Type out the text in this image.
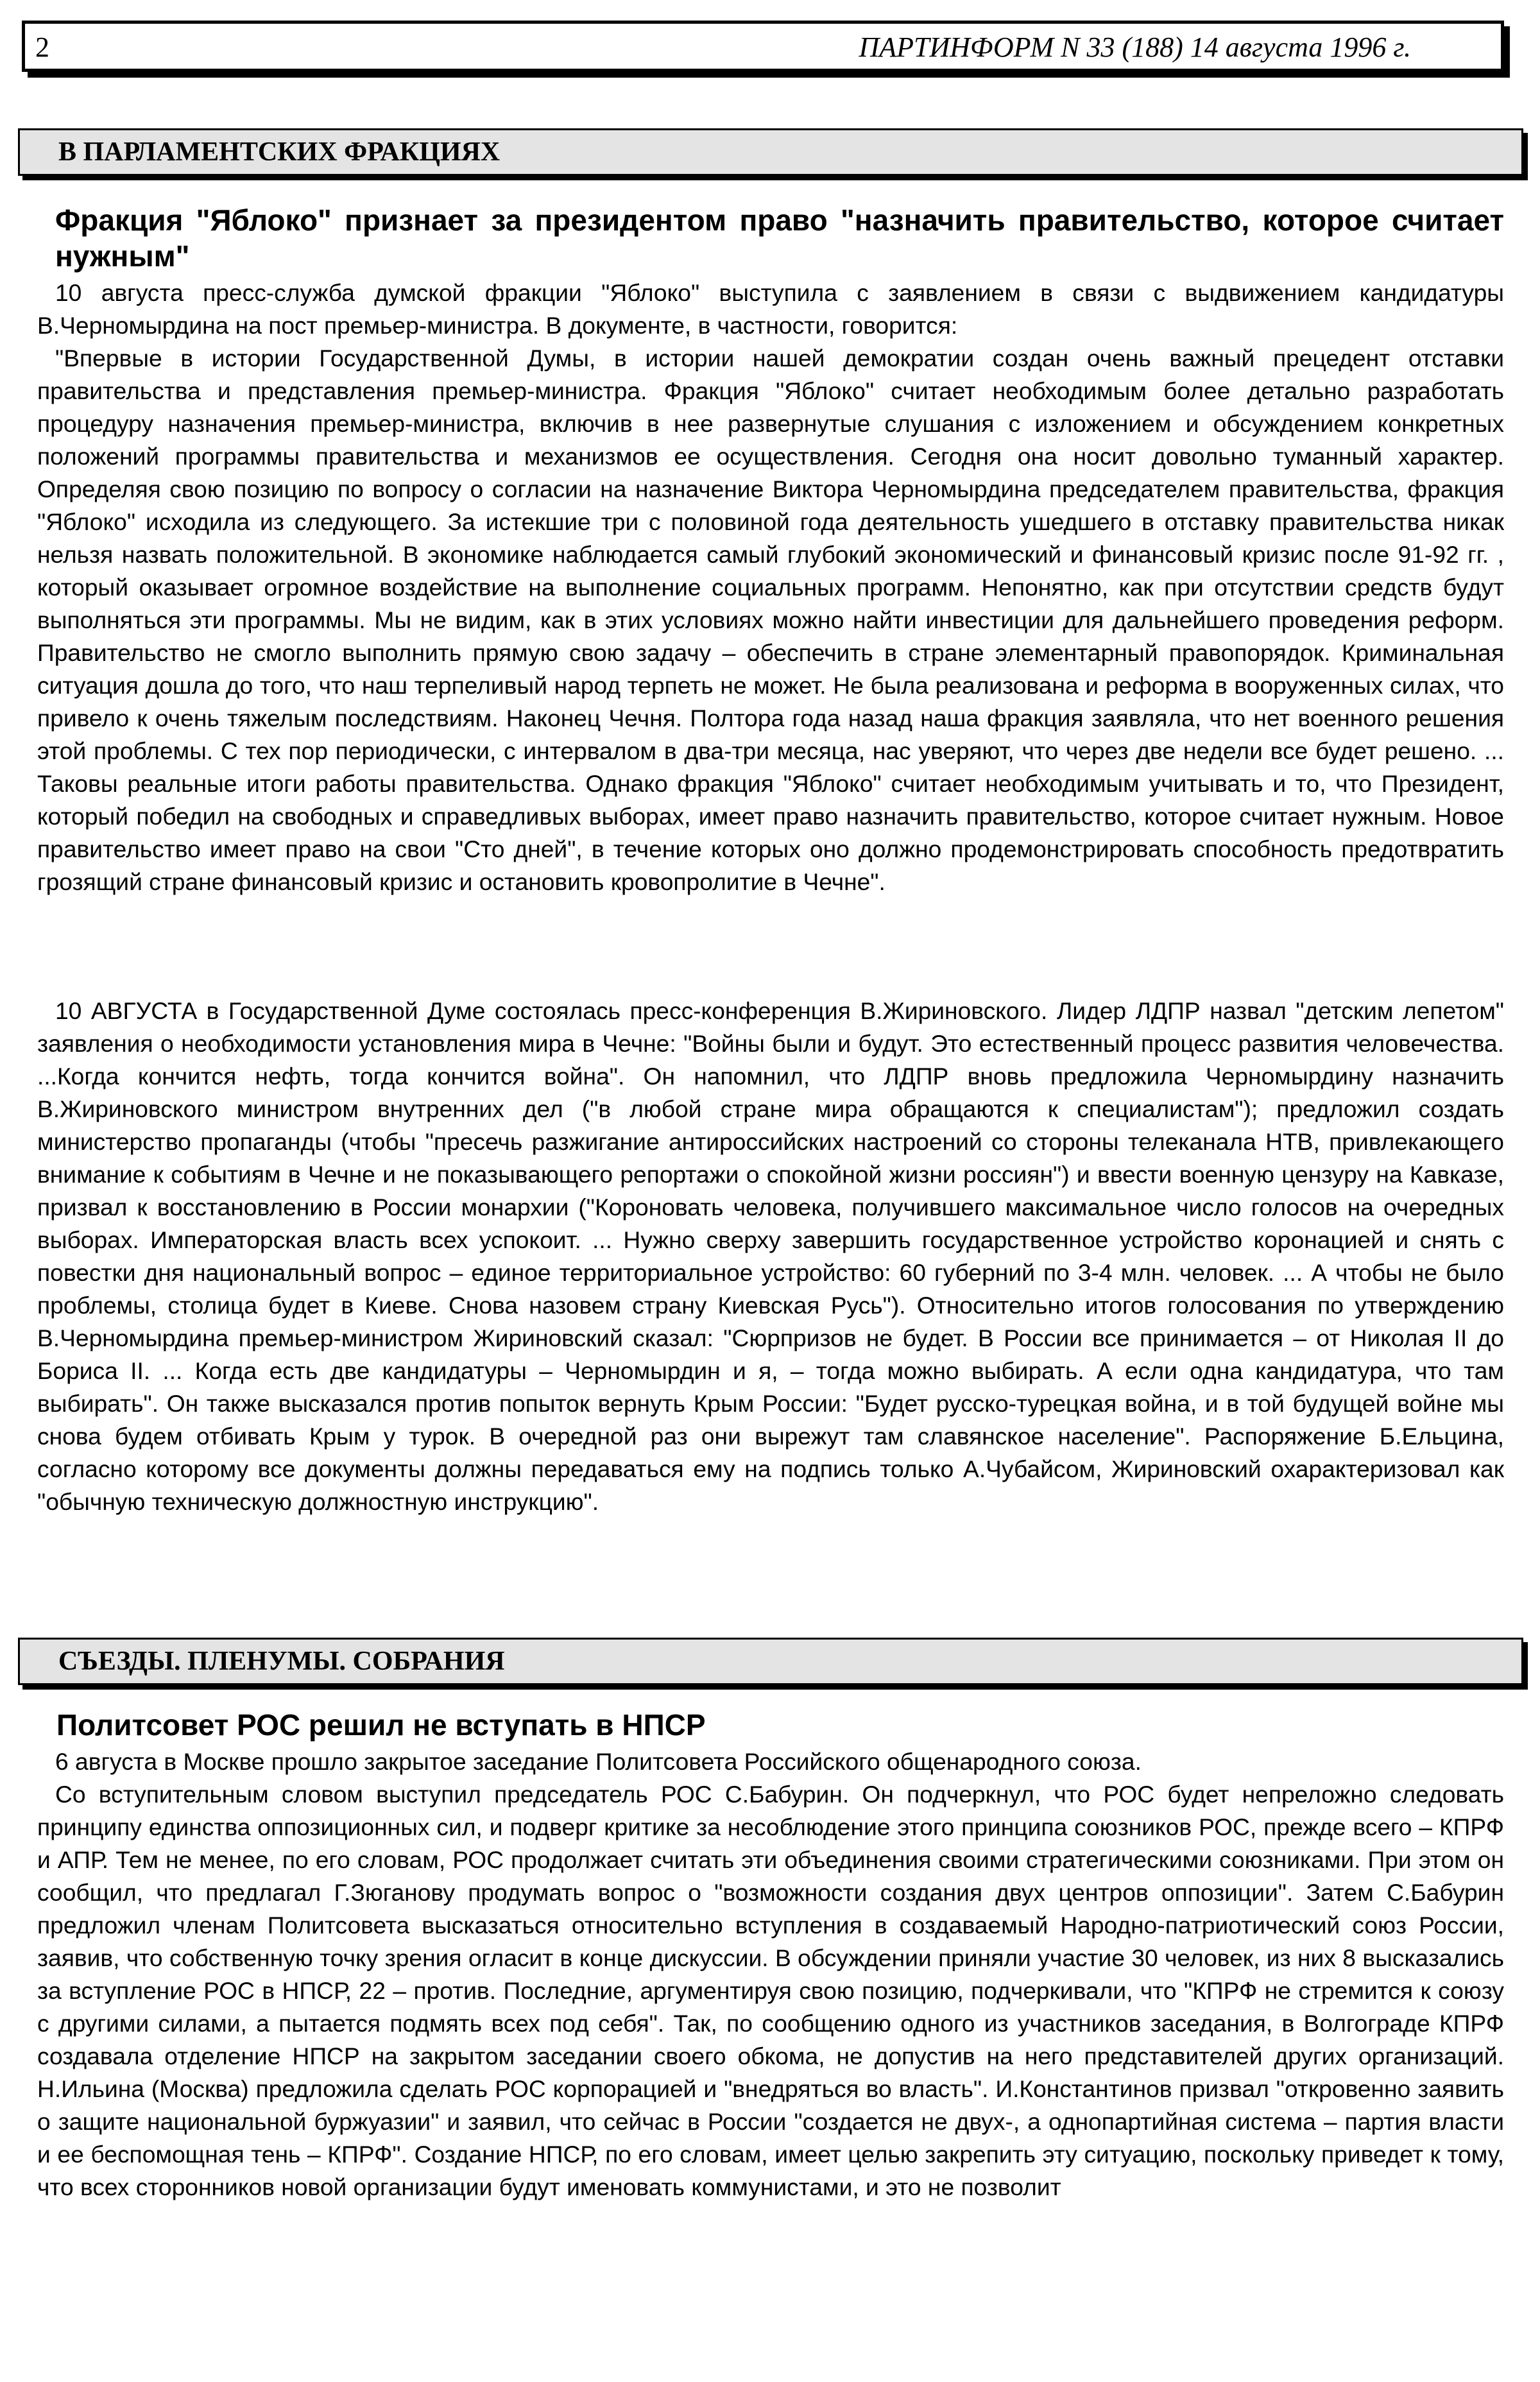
2	ПАРТИНФОРМ N 33 (188) 14 августа 1996 г.
В ПАРЛАМЕНТСКИХ ФРАКЦИЯХ

Фракция "Яблоко" признает за президентом право "назначить правительство, которое считает нужным"

10 августа пресс-служба думской фракции "Яблоко" выступила с заявлением в связи с выдвижением кандидатуры В.Черномырдина на пост премьер-министра. В документе, в частности, говорится:

"Впервые в истории Государственной Думы, в истории нашей демократии создан очень важный прецедент отставки правительства и представления премьер-министра. Фракция "Яблоко" считает необходимым более детально разработать процедуру назначения премьер-министра, включив в нее развернутые слушания с изложением и обсуждением конкретных положений программы правительства и механизмов ее осуществления. Сегодня она носит довольно туманный характер. Определяя свою позицию по вопросу о согласии на назначение Виктора Черномырдина председателем правительства, фракция "Яблоко" исходила из следующего. За истекшие три с половиной года деятельность ушедшего в отставку правительства никак нельзя назвать положительной. В экономике наблюдается самый глубокий экономический и финансовый кризис после 91-92 гг. , который оказывает огромное воздействие на выполнение социальных программ. Непонятно, как при отсутствии средств будут выполняться эти программы. Мы не видим, как в этих условиях можно найти инвестиции для дальнейшего проведения реформ. Правительство не смогло выполнить прямую свою задачу – обеспечить в стране элементарный правопорядок. Криминальная ситуация дошла до того, что наш терпеливый народ терпеть не может. Не была реализована и реформа в вооруженных силах, что привело к очень тяжелым последствиям. Наконец Чечня. Полтора года назад наша фракция заявляла, что нет военного решения этой проблемы. С тех пор периодически, с интервалом в два-три месяца, нас уверяют, что через две недели все будет решено. ... Таковы реальные итоги работы правительства. Однако фракция "Яблоко" считает необходимым учитывать и то, что Президент, который победил на свободных и справедливых выборах, имеет право назначить правительство, которое считает нужным. Новое правительство имеет право на свои "Сто дней", в течение которых оно должно продемонстрировать способность предотвратить грозящий стране финансовый кризис и остановить кровопролитие в Чечне".

10 АВГУСТА в Государственной Думе состоялась пресс-конференция В.Жириновского. Лидер ЛДПР назвал "детским лепетом" заявления о необходимости установления мира в Чечне: "Войны были и будут. Это естественный процесс развития человечества. ...Когда кончится нефть, тогда кончится война". Он напомнил, что ЛДПР вновь предложила Черномырдину назначить В.Жириновского министром внутренних дел ("в любой стране мира обращаются к специалистам"); предложил создать министерство пропаганды (чтобы "пресечь разжигание антироссийских настроений со стороны телеканала НТВ, привлекающего внимание к событиям в Чечне и не показывающего репортажи о спокойной жизни россиян") и ввести военную цензуру на Кавказе, призвал к восстановлению в России монархии ("Короновать человека, получившего максимальное число голосов на очередных выборах. Императорская власть всех успокоит. ... Нужно сверху завершить государственное устройство коронацией и снять с повестки дня национальный вопрос – единое территориальное устройство: 60 губерний по 3-4 млн. человек. ... А чтобы не было проблемы, столица будет в Киеве. Снова назовем страну Киевская Русь"). Относительно итогов голосования по утверждению В.Черномырдина премьер-министром Жириновский сказал: "Сюрпризов не будет. В России все принимается – от Николая II до Бориса II. ... Когда есть две кандидатуры – Черномырдин и я, – тогда можно выбирать. А если одна кандидатура, что там выбирать". Он также высказался против попыток вернуть Крым России: "Будет русско-турецкая война, и в той будущей войне мы снова будем отбивать Крым у турок. В очередной раз они вырежут там славянское население". Распоряжение Б.Ельцина, согласно которому все документы должны передаваться ему на подпись только А.Чубайсом, Жириновский охарактеризовал как "обычную техническую должностную инструкцию".

СЪЕЗДЫ. ПЛЕНУМЫ. СОБРАНИЯ

Политсовет РОС решил не вступать в НПСР

6 августа в Москве прошло закрытое заседание Политсовета Российского общенародного союза.

Со вступительным словом выступил председатель РОС С.Бабурин. Он подчеркнул, что РОС будет непреложно следовать принципу единства оппозиционных сил, и подверг критике за несоблюдение этого принципа союзников РОС, прежде всего – КПРФ и АПР. Тем не менее, по его словам, РОС продолжает считать эти объединения своими стратегическими союзниками. При этом он сообщил, что предлагал Г.Зюганову продумать вопрос о "возможности создания двух центров оппозиции". Затем С.Бабурин предложил членам Политсовета высказаться относительно вступления в создаваемый Народно-патриотический союз России, заявив, что собственную точку зрения огласит в конце дискуссии. В обсуждении приняли участие 30 человек, из них 8 высказались за вступление РОС в НПСР, 22 – против. Последние, аргументируя свою позицию, подчеркивали, что "КПРФ не стремится к союзу с другими силами, а пытается подмять всех под себя". Так, по сообщению одного из участников заседания, в Волгограде КПРФ создавала отделение НПСР на закрытом заседании своего обкома, не допустив на него представителей других организаций. Н.Ильина (Москва) предложила сделать РОС корпорацией и "внедряться во власть". И.Константинов призвал "откровенно заявить о защите национальной буржуазии" и заявил, что сейчас в России "создается не двух-, а однопартийная система – партия власти и ее беспомощная тень – КПРФ". Создание НПСР, по его словам, имеет целью закрепить эту ситуацию, поскольку приведет к тому, что всех сторонников новой организации будут именовать коммунистами, и это не позволит
